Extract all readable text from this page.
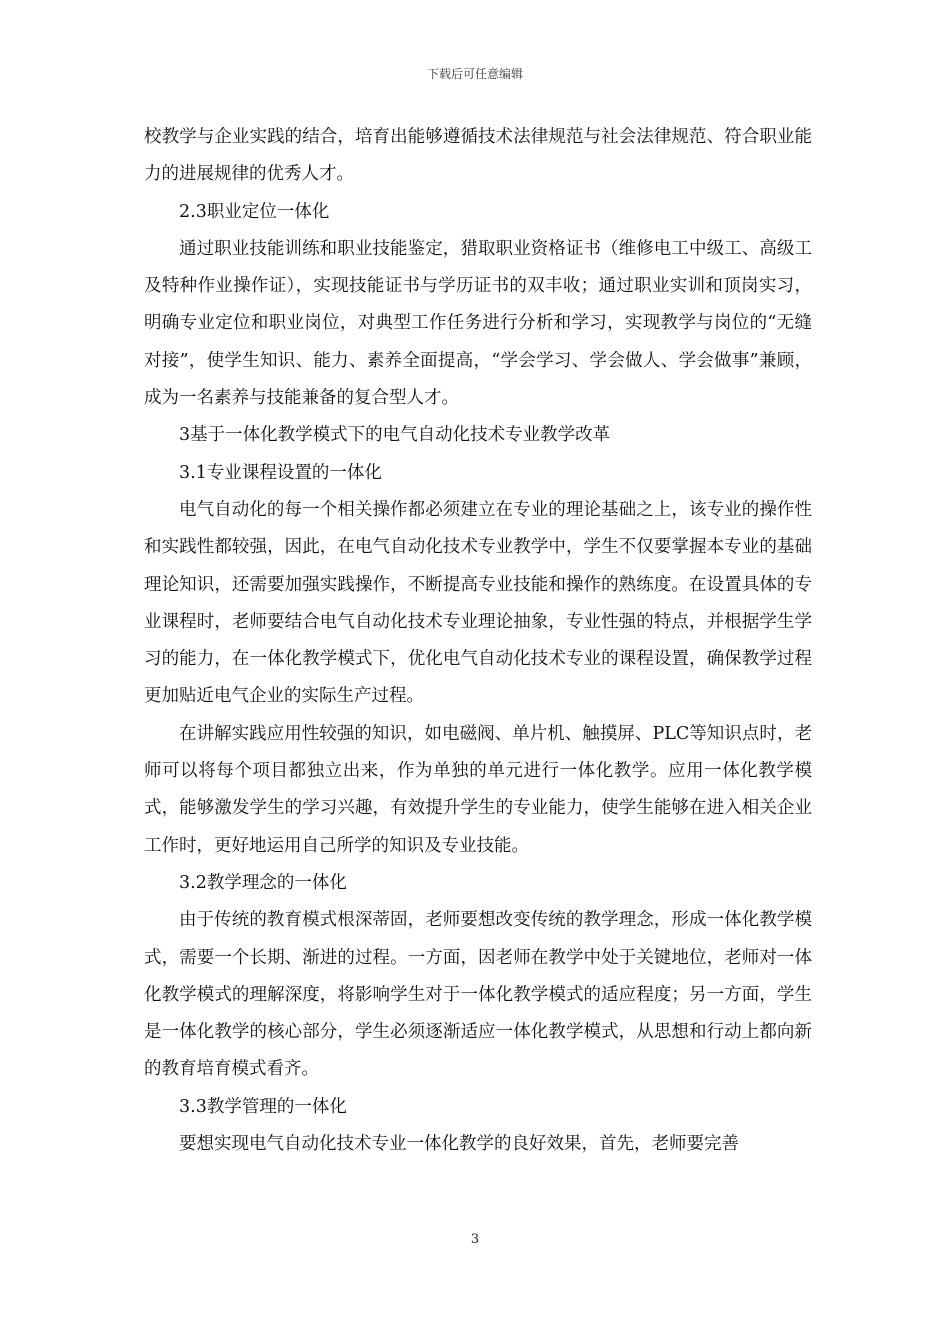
下载后可任意编辑

校教学与企业实践的结合，培育出能够遵循技术法律规范与社会法律规范、符合职业能力的进展规律的优秀人才。

2.3职业定位一体化

通过职业技能训练和职业技能鉴定，猎取职业资格证书（维修电工中级工、高级工及特种作业操作证），实现技能证书与学历证书的双丰收；通过职业实训和顶岗实习，明确专业定位和职业岗位，对典型工作任务进行分析和学习，实现教学与岗位的“无缝对接”，使学生知识、能力、素养全面提高，“学会学习、学会做人、学会做事”兼顾，成为一名素养与技能兼备的复合型人才。

3基于一体化教学模式下的电气自动化技术专业教学改革

3.1专业课程设置的一体化

电气自动化的每一个相关操作都必须建立在专业的理论基础之上，该专业的操作性和实践性都较强，因此，在电气自动化技术专业教学中，学生不仅要掌握本专业的基础理论知识，还需要加强实践操作，不断提高专业技能和操作的熟练度。在设置具体的专业课程时，老师要结合电气自动化技术专业理论抽象，专业性强的特点，并根据学生学习的能力，在一体化教学模式下，优化电气自动化技术专业的课程设置，确保教学过程更加贴近电气企业的实际生产过程。

在讲解实践应用性较强的知识，如电磁阀、单片机、触摸屏、PLC等知识点时，老师可以将每个项目都独立出来，作为单独的单元进行一体化教学。应用一体化教学模式，能够激发学生的学习兴趣，有效提升学生的专业能力，使学生能够在进入相关企业工作时，更好地运用自己所学的知识及专业技能。

3.2教学理念的一体化

由于传统的教育模式根深蒂固，老师要想改变传统的教学理念，形成一体化教学模式，需要一个长期、渐进的过程。一方面，因老师在教学中处于关键地位，老师对一体化教学模式的理解深度，将影响学生对于一体化教学模式的适应程度；另一方面，学生是一体化教学的核心部分，学生必须逐渐适应一体化教学模式，从思想和行动上都向新的教育培育模式看齐。

3.3教学管理的一体化

要想实现电气自动化技术专业一体化教学的良好效果，首先，老师要完善

3
